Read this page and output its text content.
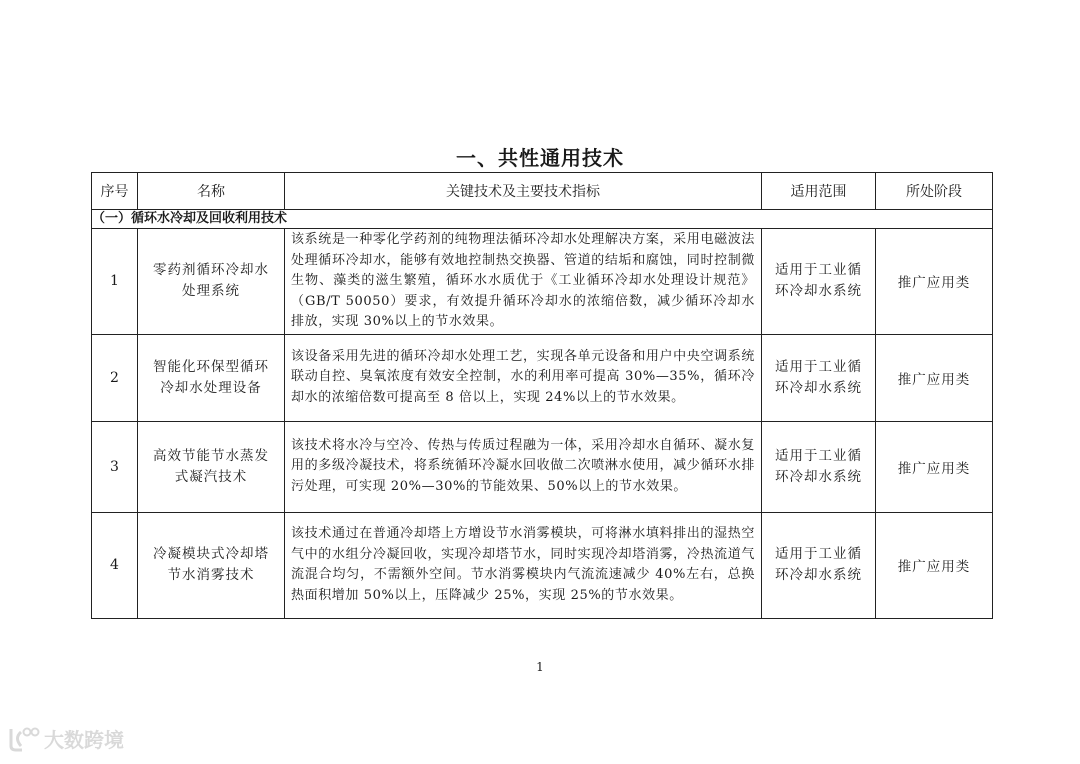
一、共性通用技术
序号	名称	关键技术及主要技术指标	适用范围	所处阶段
（一）循环水冷却及回收利用技术				
1	零药剂循环冷却水处理系统	该系统是一种零化学药剂的纯物理法循环冷却水处理解决方案，采用电磁波法处理循环冷却水，能够有效地控制热交换器、管道的结垢和腐蚀，同时控制微生物、藻类的滋生繁殖，循环水水质优于《工业循环冷却水处理设计规范》（GB/T 50050）要求，有效提升循环冷却水的浓缩倍数，减少循环冷却水排放，实现 30%以上的节水效果。	适用于工业循环冷却水系统	推广应用类
2	智能化环保型循环冷却水处理设备	该设备采用先进的循环冷却水处理工艺，实现各单元设备和用户中央空调系统联动自控、臭氧浓度有效安全控制，水的利用率可提高 30%—35%，循环冷却水的浓缩倍数可提高至 8 倍以上，实现 24%以上的节水效果。	适用于工业循环冷却水系统	推广应用类
3	高效节能节水蒸发式凝汽技术	该技术将水冷与空冷、传热与传质过程融为一体，采用冷却水自循环、凝水复用的多级冷凝技术，将系统循环冷凝水回收做二次喷淋水使用，减少循环水排污处理，可实现 20%—30%的节能效果、50%以上的节水效果。	适用于工业循环冷却水系统	推广应用类
4	冷凝模块式冷却塔节水消雾技术	该技术通过在普通冷却塔上方增设节水消雾模块，可将淋水填料排出的湿热空气中的水组分冷凝回收，实现冷却塔节水，同时实现冷却塔消雾，冷热流道气流混合均匀，不需额外空间。节水消雾模块内气流流速减少 40%左右，总换热面积增加 50%以上，压降减少 25%，实现 25%的节水效果。	适用于工业循环冷却水系统	推广应用类
1
大数跨境
